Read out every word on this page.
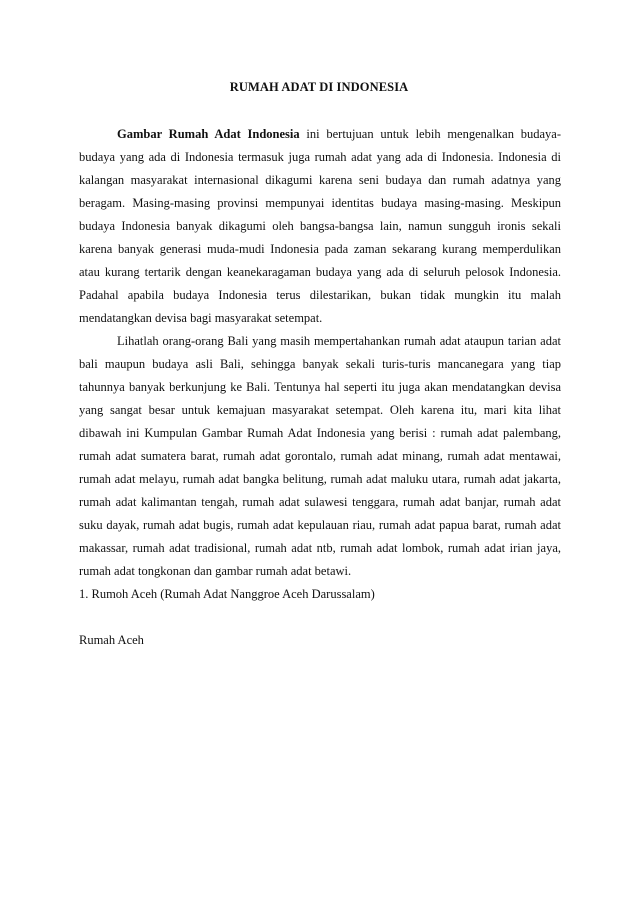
RUMAH ADAT DI INDONESIA

Gambar Rumah Adat Indonesia ini bertujuan untuk lebih mengenalkan budaya-budaya yang ada di Indonesia termasuk juga rumah adat yang ada di Indonesia. Indonesia di kalangan masyarakat internasional dikagumi karena seni budaya dan rumah adatnya yang beragam. Masing-masing provinsi mempunyai identitas budaya masing-masing. Meskipun budaya Indonesia banyak dikagumi oleh bangsa-bangsa lain, namun sungguh ironis sekali karena banyak generasi muda-mudi Indonesia pada zaman sekarang kurang memperdulikan atau kurang tertarik dengan keanekaragaman budaya yang ada di seluruh pelosok Indonesia. Padahal apabila budaya Indonesia terus dilestarikan, bukan tidak mungkin itu malah mendatangkan devisa bagi masyarakat setempat.

Lihatlah orang-orang Bali yang masih mempertahankan rumah adat ataupun tarian adat bali maupun budaya asli Bali, sehingga banyak sekali turis-turis mancanegara yang tiap tahunnya banyak berkunjung ke Bali. Tentunya hal seperti itu juga akan mendatangkan devisa yang sangat besar untuk kemajuan masyarakat setempat. Oleh karena itu, mari kita lihat dibawah ini Kumpulan Gambar Rumah Adat Indonesia yang berisi : rumah adat palembang, rumah adat sumatera barat, rumah adat gorontalo, rumah adat minang, rumah adat mentawai, rumah adat melayu, rumah adat bangka belitung, rumah adat maluku utara, rumah adat jakarta, rumah adat kalimantan tengah, rumah adat sulawesi tenggara, rumah adat banjar, rumah adat suku dayak, rumah adat bugis, rumah adat kepulauan riau, rumah adat papua barat, rumah adat makassar, rumah adat tradisional, rumah adat ntb, rumah adat lombok, rumah adat irian jaya, rumah adat tongkonan dan gambar rumah adat betawi.

1. Rumoh Aceh (Rumah Adat Nanggroe Aceh Darussalam)

Rumah Aceh
